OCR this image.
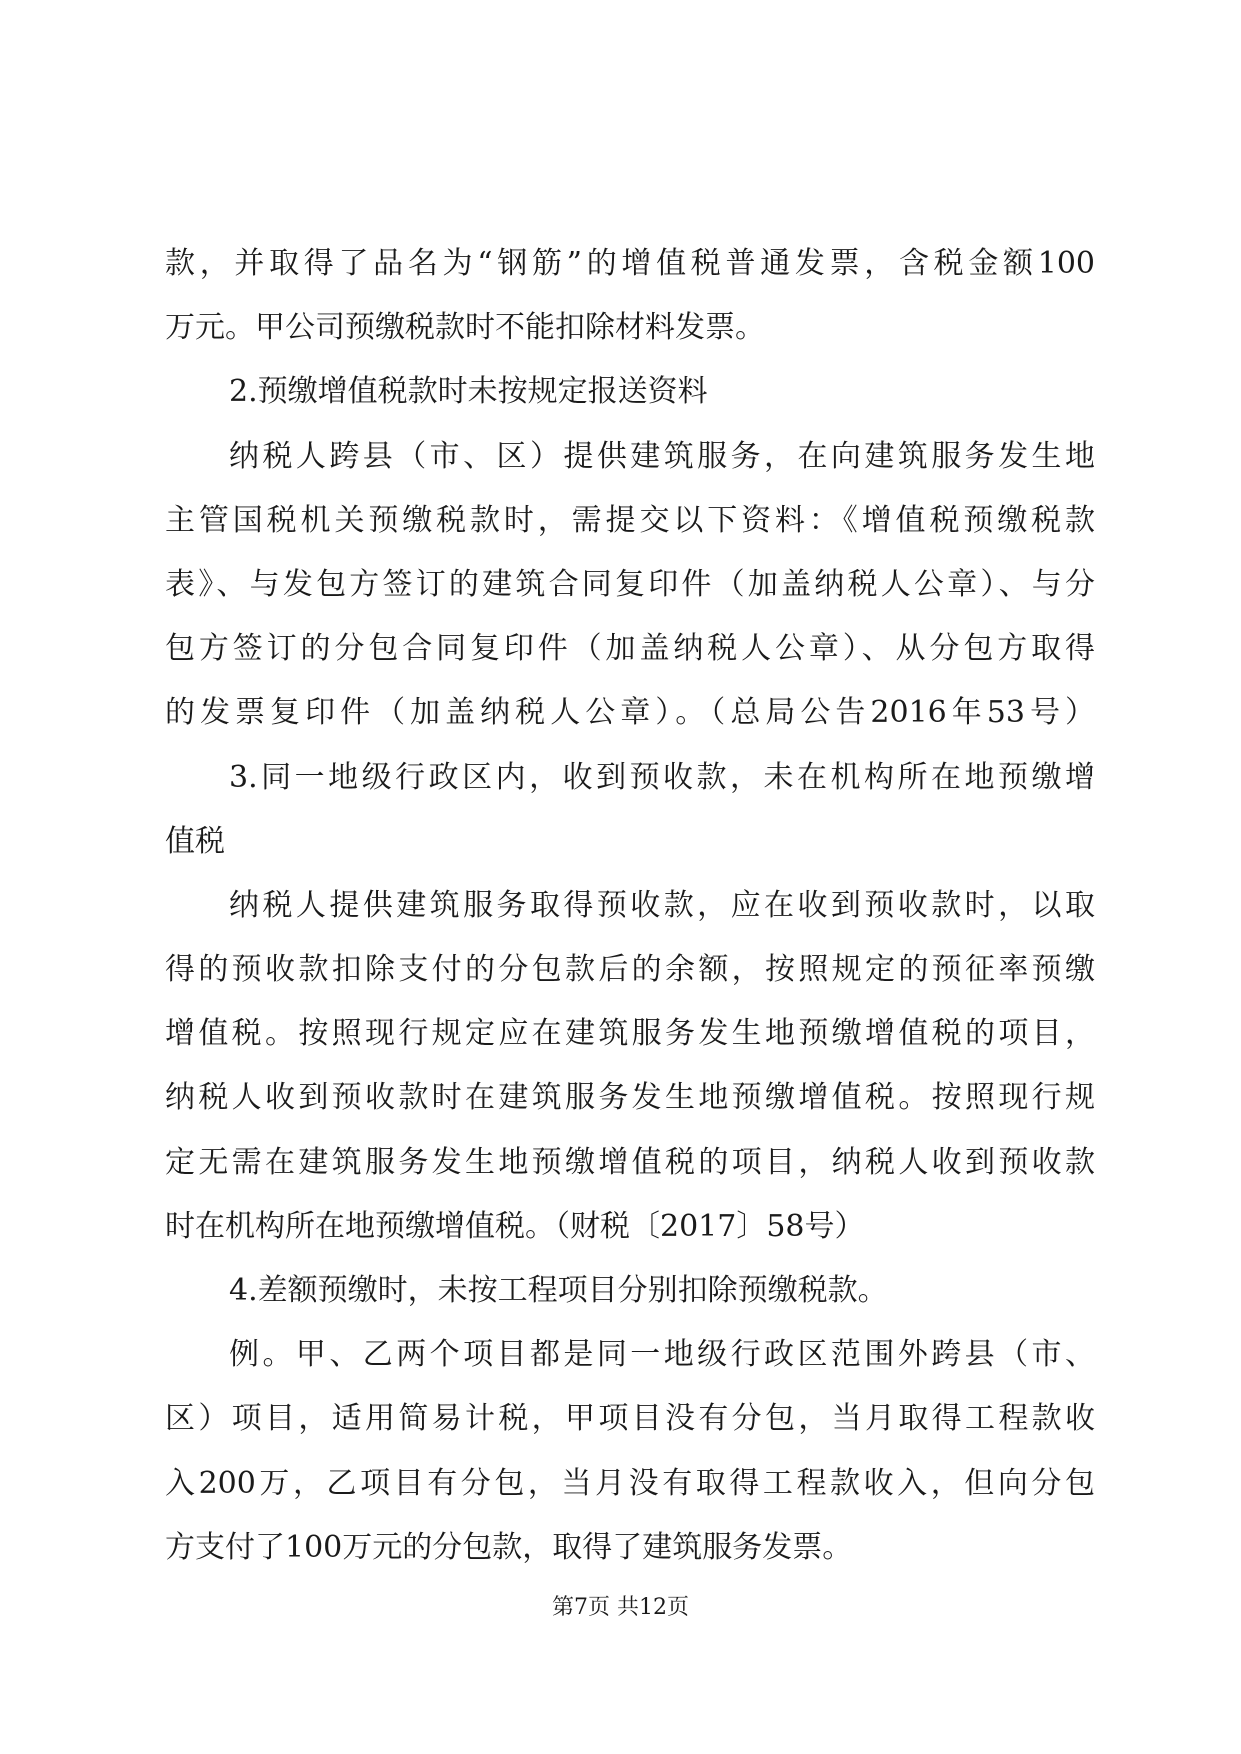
款，并取得了品名为“钢筋”的增值税普通发票，含税金额100
万元。甲公司预缴税款时不能扣除材料发票。
2.预缴增值税款时未按规定报送资料
纳税人跨县（市、区）提供建筑服务，在向建筑服务发生地
主管国税机关预缴税款时，需提交以下资料：《增值税预缴税款
表》、与发包方签订的建筑合同复印件（加盖纳税人公章）、与分
包方签订的分包合同复印件（加盖纳税人公章）、从分包方取得
的发票复印件（加盖纳税人公章）。（总局公告2016年53号）
3.同一地级行政区内，收到预收款，未在机构所在地预缴增
值税
纳税人提供建筑服务取得预收款，应在收到预收款时，以取
得的预收款扣除支付的分包款后的余额，按照规定的预征率预缴
增值税。按照现行规定应在建筑服务发生地预缴增值税的项目，
纳税人收到预收款时在建筑服务发生地预缴增值税。按照现行规
定无需在建筑服务发生地预缴增值税的项目，纳税人收到预收款
时在机构所在地预缴增值税。（财税〔2017〕58号）
4.差额预缴时，未按工程项目分别扣除预缴税款。
例。甲、乙两个项目都是同一地级行政区范围外跨县（市、
区）项目，适用简易计税，甲项目没有分包，当月取得工程款收
入200万，乙项目有分包，当月没有取得工程款收入，但向分包
方支付了100万元的分包款，取得了建筑服务发票。
第7页 共12页
